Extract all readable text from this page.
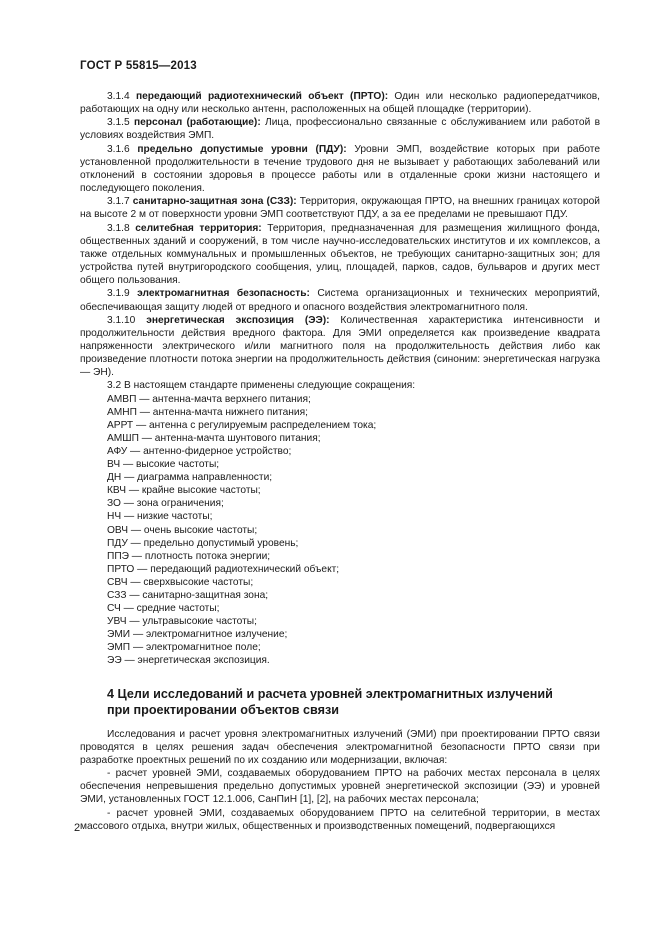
ГОСТ Р 55815—2013

3.1.4 передающий радиотехнический объект (ПРТО): Один или несколько радиопередатчиков, работающих на одну или несколько антенн, расположенных на общей площадке (территории).

3.1.5 персонал (работающие): Лица, профессионально связанные с обслуживанием или работой в условиях воздействия ЭМП.

3.1.6 предельно допустимые уровни (ПДУ): Уровни ЭМП, воздействие которых при работе установленной продолжительности в течение трудового дня не вызывает у работающих заболеваний или отклонений в состоянии здоровья в процессе работы или в отдаленные сроки жизни настоящего и последующего поколения.

3.1.7 санитарно-защитная зона (СЗЗ): Территория, окружающая ПРТО, на внешних границах которой на высоте 2 м от поверхности уровни ЭМП соответствуют ПДУ, а за ее пределами не превышают ПДУ.

3.1.8 селитебная территория: Территория, предназначенная для размещения жилищного фонда, общественных зданий и сооружений, в том числе научно-исследовательских институтов и их комплексов, а также отдельных коммунальных и промышленных объектов, не требующих санитарно-защитных зон; для устройства путей внутригородского сообщения, улиц, площадей, парков, садов, бульваров и других мест общего пользования.

3.1.9 электромагнитная безопасность: Система организационных и технических мероприятий, обеспечивающая защиту людей от вредного и опасного воздействия электромагнитного поля.

3.1.10 энергетическая экспозиция (ЭЭ): Количественная характеристика интенсивности и продолжительности действия вредного фактора. Для ЭМИ определяется как произведение квадрата напряженности электрического и/или магнитного поля на продолжительность действия либо как произведение плотности потока энергии на продолжительность действия (синоним: энергетическая нагрузка — ЭН).

3.2 В настоящем стандарте применены следующие сокращения:

АМВП — антенна-мачта верхнего питания;
АМНП — антенна-мачта нижнего питания;
АРРТ — антенна с регулируемым распределением тока;
АМШП — антенна-мачта шунтового питания;
АФУ — антенно-фидерное устройство;
ВЧ — высокие частоты;
ДН — диаграмма направленности;
КВЧ — крайне высокие частоты;
ЗО — зона ограничения;
НЧ — низкие частоты;
ОВЧ — очень высокие частоты;
ПДУ — предельно допустимый уровень;
ППЭ — плотность потока энергии;
ПРТО — передающий радиотехнический объект;
СВЧ — сверхвысокие частоты;
СЗЗ — санитарно-защитная зона;
СЧ — средние частоты;
УВЧ — ультравысокие частоты;
ЭМИ — электромагнитное излучение;
ЭМП — электромагнитное поле;
ЭЭ — энергетическая экспозиция.
4 Цели исследований и расчета уровней электромагнитных излучений
при проектировании объектов связи

Исследования и расчет уровня электромагнитных излучений (ЭМИ) при проектировании ПРТО связи проводятся в целях решения задач обеспечения электромагнитной безопасности ПРТО связи при разработке проектных решений по их созданию или модернизации, включая:

- расчет уровней ЭМИ, создаваемых оборудованием ПРТО на рабочих местах персонала в целях обеспечения непревышения предельно допустимых уровней энергетической экспозиции (ЭЭ) и уровней ЭМИ, установленных ГОСТ 12.1.006, СанПиН [1], [2], на рабочих местах персонала;

- расчет уровней ЭМИ, создаваемых оборудованием ПРТО на селитебной территории, в местах массового отдыха, внутри жилых, общественных и производственных помещений, подвергающихся

2
